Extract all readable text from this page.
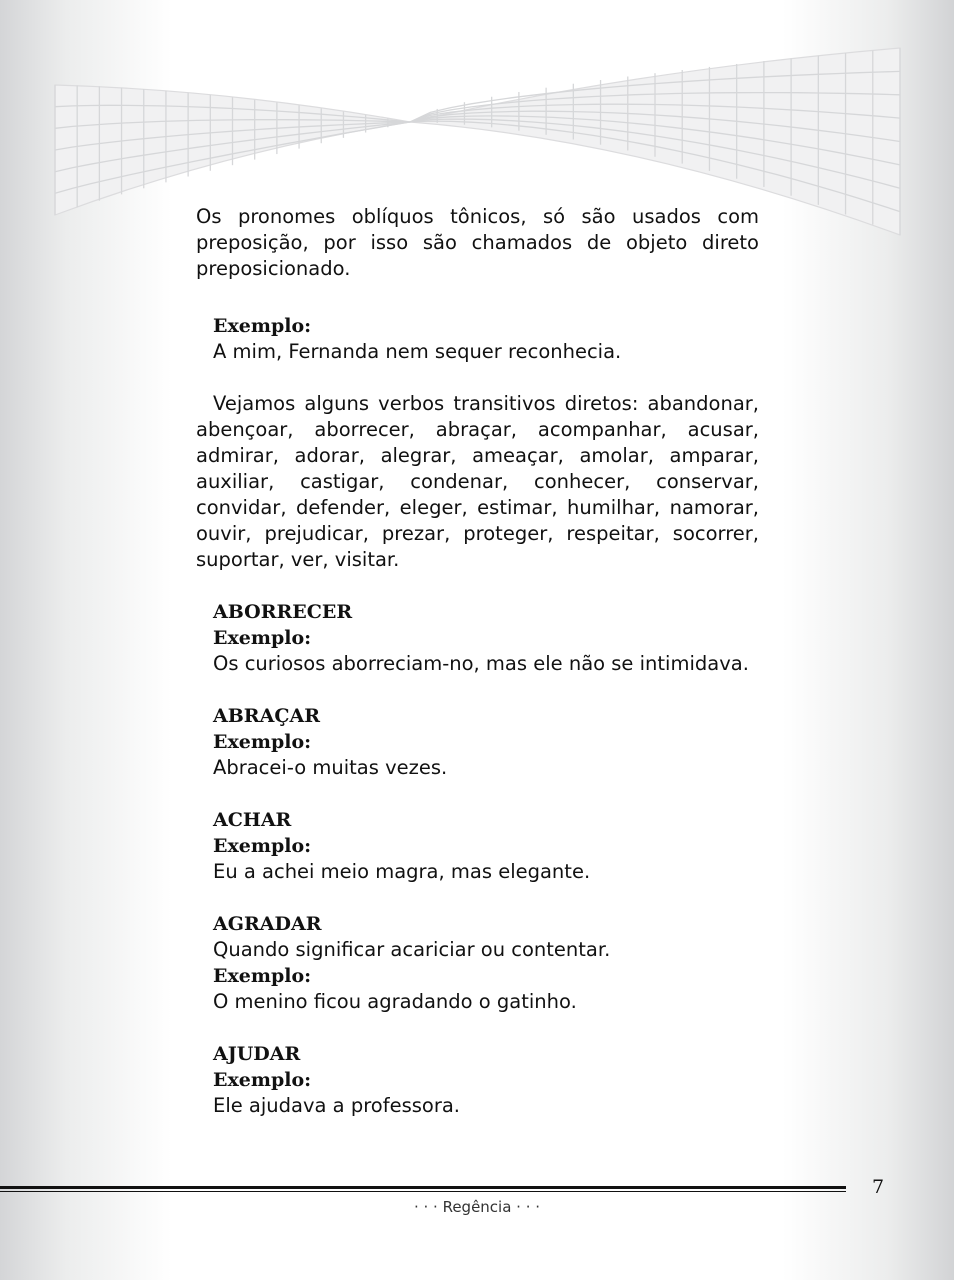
Os pronomes oblíquos tônicos, só são usados com preposição, por isso são chamados de objeto direto preposicionado.

Exemplo:
A mim, Fernanda nem sequer reconhecia.

Vejamos alguns verbos transitivos diretos: abandonar, abençoar, aborrecer, abraçar, acompanhar, acusar, admirar, adorar, alegrar, ameaçar, amolar, amparar, auxiliar, castigar, condenar, conhecer, conservar, convidar, defender, eleger, estimar, humilhar, namorar, ouvir, prejudicar, prezar, proteger, respeitar, socorrer, suportar, ver, visitar.

ABORRECER
Exemplo:
Os curiosos aborreciam-no, mas ele não se intimidava.
ABRAÇAR
Exemplo:
Abracei-o muitas vezes.
ACHAR
Exemplo:
Eu a achei meio magra, mas elegante.
AGRADAR
Quando significar acariciar ou contentar.
Exemplo:
O menino ficou agradando o gatinho.
AJUDAR
Exemplo:
Ele ajudava a professora.
7
· · · Regência · · ·
